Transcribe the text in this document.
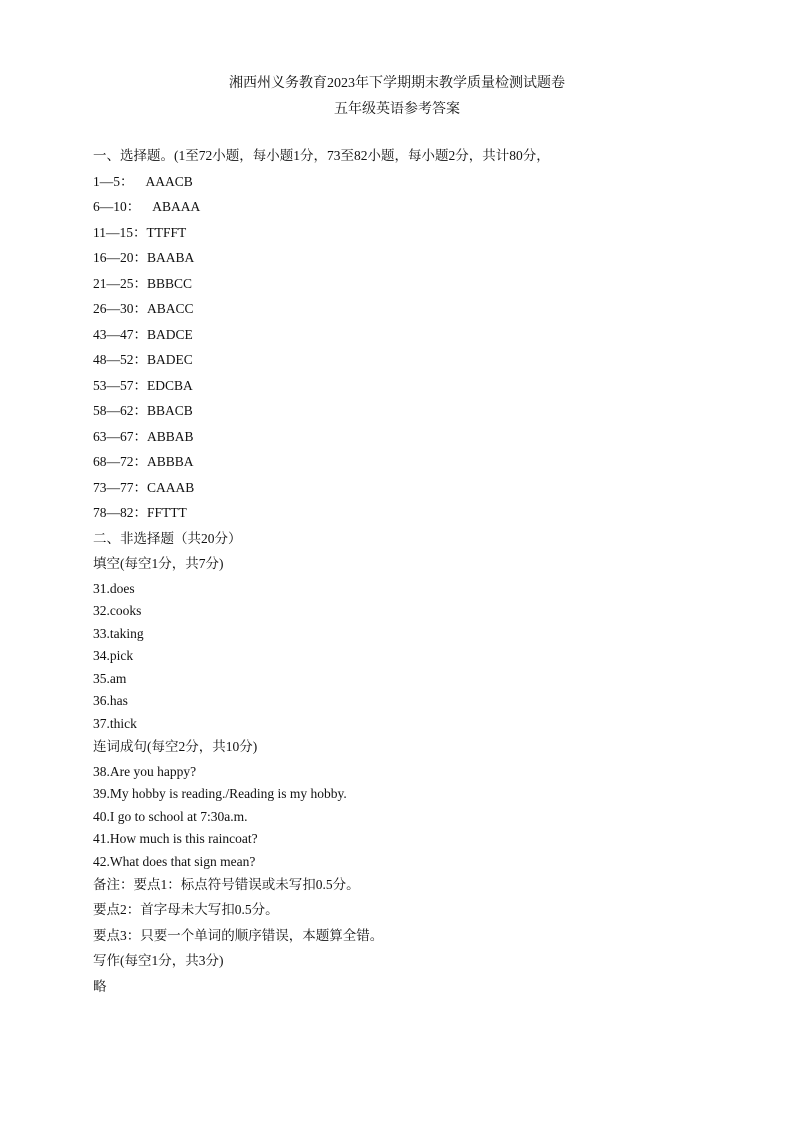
湘西州义务教育2023年下学期期末教学质量检测试题卷
五年级英语参考答案
一、选择题。(1至72小题，每小题1分，73至82小题，每小题2分，共计80分，
1—5： AAACB
6—10： ABAAA
11—15：TTFFT
16—20：BAABA
21—25：BBBCC
26—30：ABACC
43—47：BADCE
48—52：BADEC
53—57：EDCBA
58—62：BBACB
63—67：ABBAB
68—72：ABBBA
73—77：CAAAB
78—82：FFTTT
二、非选择题（共20分）
填空(每空1分，共7分)
31.does
32.cooks
33.taking
34.pick
35.am
36.has
37.thick
连词成句(每空2分，共10分)
38.Are you happy?
39.My hobby is reading./Reading is my hobby.
40.I go to school at 7:30a.m.
41.How much is this raincoat?
42.What does that sign mean?
备注：要点1：标点符号错误或未写扣0.5分。
要点2：首字母未大写扣0.5分。
要点3：只要一个单词的顺序错误，本题算全错。
写作(每空1分，共3分)
略
